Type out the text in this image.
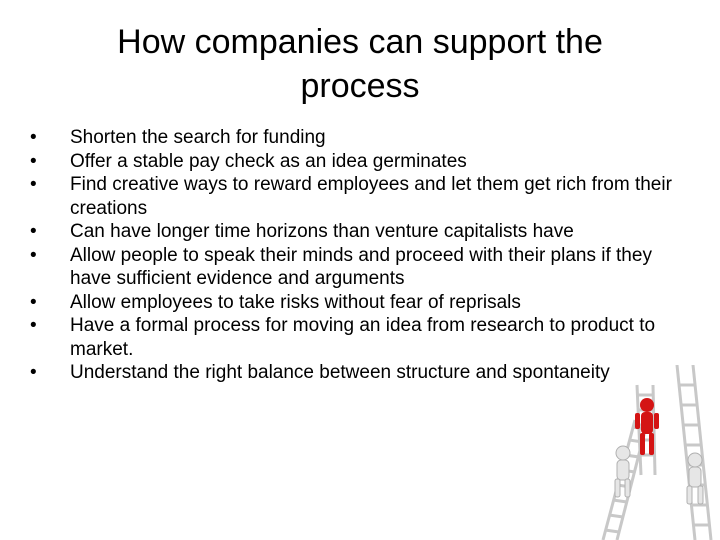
How companies can support the process
•	Shorten the search for funding
•	Offer a stable pay check as an idea germinates
•	Find creative ways to reward employees and let them get rich from their creations
•	Can have longer time horizons than venture capitalists have
•	Allow people to speak their minds and proceed with their plans if they have sufficient evidence and arguments
•	Allow employees to take risks without fear of reprisals
•	Have a formal process for moving an idea from research to product to market.
•	Understand the right balance between structure and spontaneity
